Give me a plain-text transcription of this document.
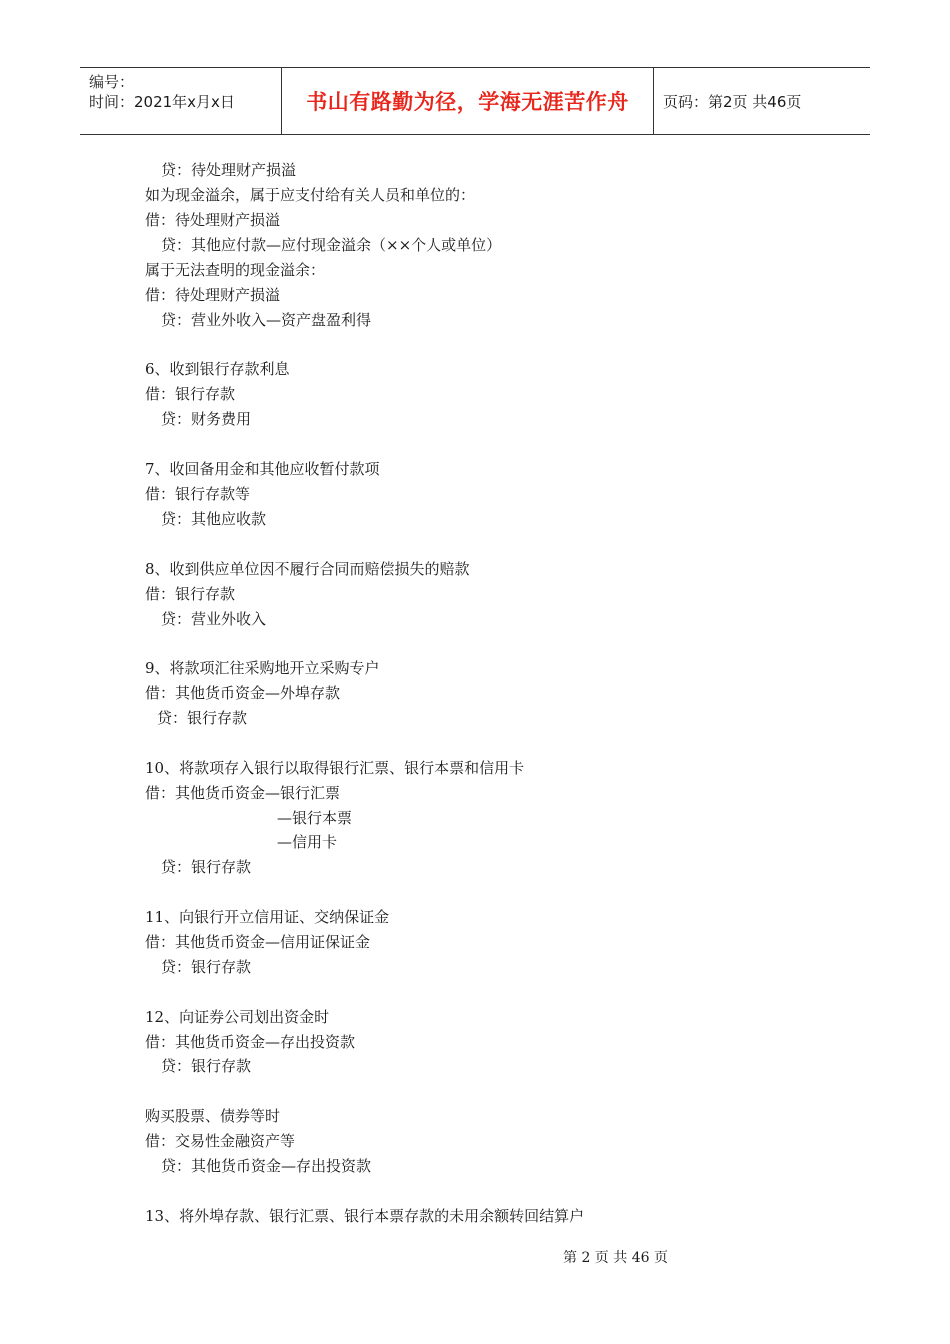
编号：
时间：2021年x月x日	书山有路勤为径，学海无涯苦作舟	页码：第2页 共46页
贷：待处理财产损溢
如为现金溢余，属于应支付给有关人员和单位的：
借：待处理财产损溢
贷：其他应付款—应付现金溢余（××个人或单位）
属于无法查明的现金溢余：
借：待处理财产损溢
贷：营业外收入—资产盘盈利得
6、收到银行存款利息
借：银行存款
贷：财务费用
7、收回备用金和其他应收暂付款项
借：银行存款等
贷：其他应收款
8、收到供应单位因不履行合同而赔偿损失的赔款
借：银行存款
贷：营业外收入
9、将款项汇往采购地开立采购专户
借：其他货币资金—外埠存款
贷：银行存款
10、将款项存入银行以取得银行汇票、银行本票和信用卡
借：其他货币资金—银行汇票
—银行本票
—信用卡
贷：银行存款
11、向银行开立信用证、交纳保证金
借：其他货币资金—信用证保证金
贷：银行存款
12、向证券公司划出资金时
借：其他货币资金—存出投资款
贷：银行存款
购买股票、债券等时
借：交易性金融资产等
贷：其他货币资金—存出投资款
13、将外埠存款、银行汇票、银行本票存款的未用余额转回结算户
第 2 页 共 46 页
